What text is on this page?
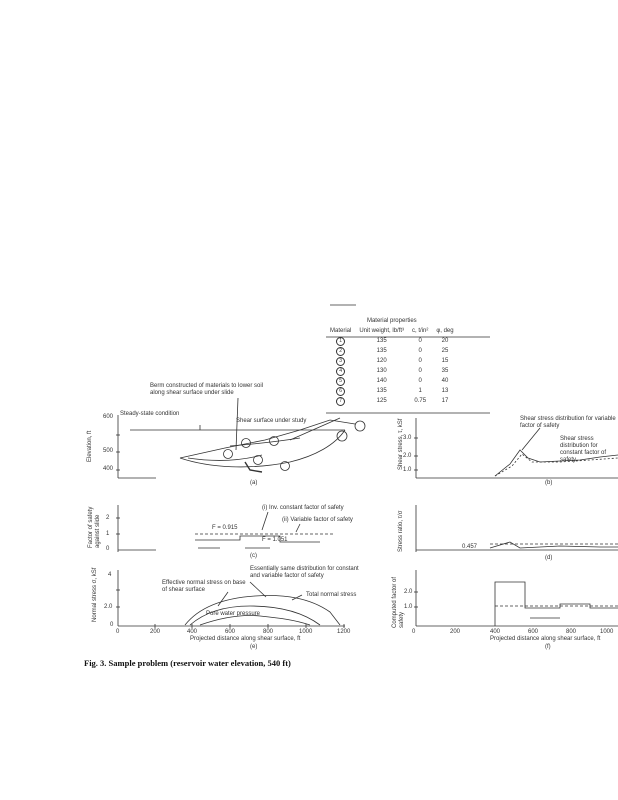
Material properties			
Material	Unit weight, lb/ft³	c, t/in²	φ, deg
1	135	0	20
2	135	0	25
3	120	0	15
4	130	0	35
5	140	0	40
6	135	1	13
7	125	0.75	17
Elevation, ft
600
500
400
Berm constructed of materials to lower soil along shear surface under slide
Steady-state condition
Shear surface under study
(a)
Shear stress, τ, kSf 3.0
2.0
1.0
Shear stress distribution for variable factor of safety
Shear stress distribution for constant factor of safety
(b)
Factor of safety against slide 2
1
0
(i) Inv. constant factor of safety
(ii) Variable factor of safety
F = 0.915
F = 1.051
(c)
Stress ratio, τ/σ	0.457
(d)
Normal stress σ, kSf 4
2.0
0
0	200	400	600	800	1000	1200
Projected distance along shear surface, ft
Essentially same distribution for constant and variable factor of safety
Effective normal stress on base of shear surface
Total normal stress
Pore water pressure
(e)
Computed factor of safety
2.0
1.0
0	200	400	600	800	1000
Projected distance along shear surface, ft
(f)
Fig. 3. Sample problem (reservoir water elevation, 540 ft)
